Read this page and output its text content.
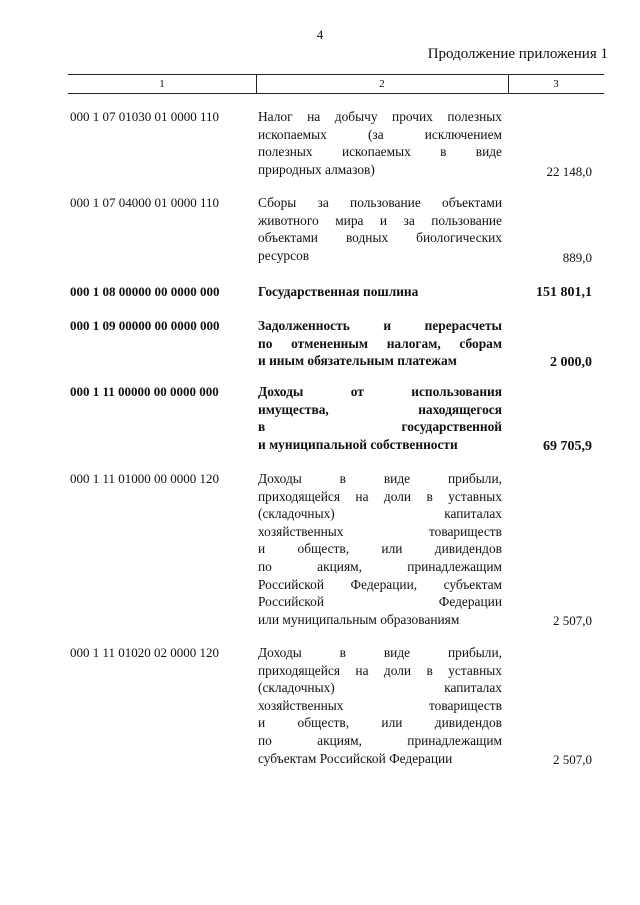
4
Продолжение приложения 1
1	2	3
000 1 07 01030 01 0000 110	Налог на добычу прочих полезных
ископаемых (за исключением
полезных ископаемых в виде
природных алмазов)	22 148,0
000 1 07 04000 01 0000 110	Сборы за пользование объектами
животного мира и за пользование
объектами водных биологических
ресурсов	889,0
000 1 08 00000 00 0000 000	Государственная пошлина	151 801,1
000 1 09 00000 00 0000 000	Задолженность и перерасчеты
по отмененным налогам, сборам
и иным обязательным платежам	2 000,0
000 1 11 00000 00 0000 000	Доходы от использования
имущества, находящегося
в государственной
и муниципальной собственности	69 705,9
000 1 11 01000 00 0000 120	Доходы в виде прибыли,
приходящейся на доли в уставных
(складочных) капиталах
хозяйственных товариществ
и обществ, или дивидендов
по акциям, принадлежащим
Российской Федерации, субъектам
Российской Федерации
или муниципальным образованиям	2 507,0
000 1 11 01020 02 0000 120	Доходы в виде прибыли,
приходящейся на доли в уставных
(складочных) капиталах
хозяйственных товариществ
и обществ, или дивидендов
по акциям, принадлежащим
субъектам Российской Федерации	2 507,0
